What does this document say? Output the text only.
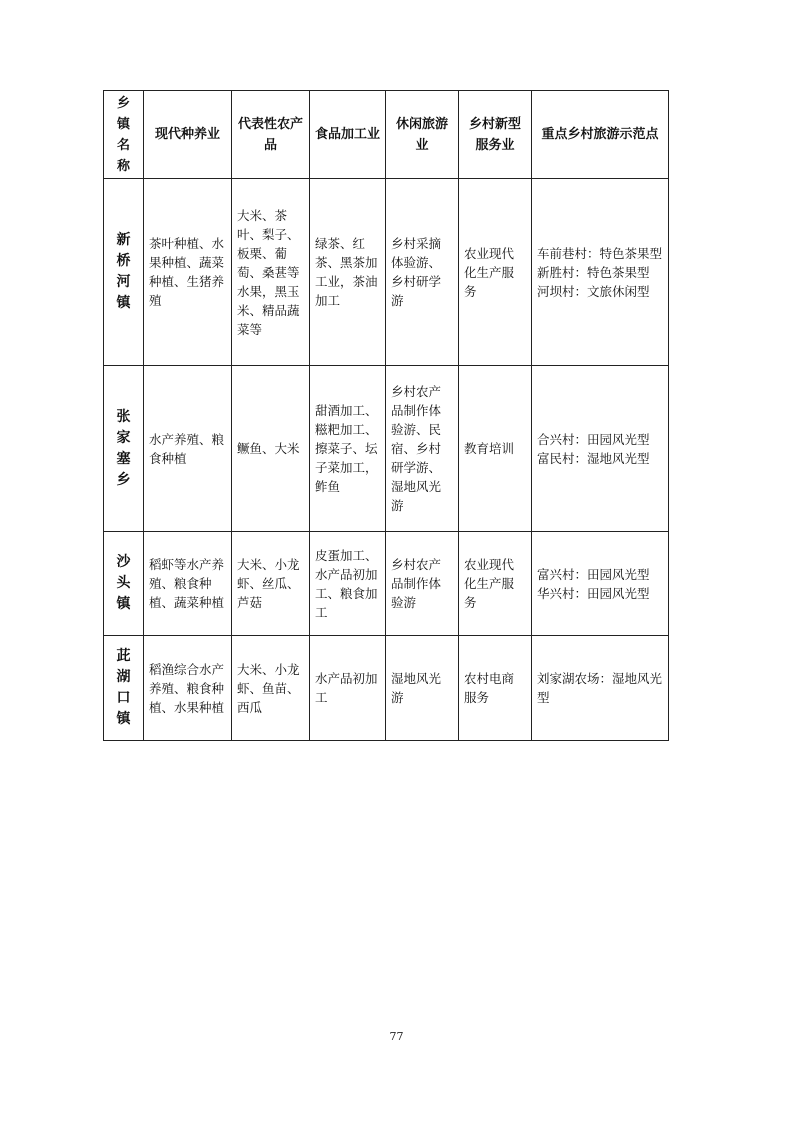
乡镇名称	现代种养业	代表性农产品	食品加工业	休闲旅游业	乡村新型服务业	重点乡村旅游示范点
新桥河镇	茶叶种植、水果种植、蔬菜种植、生猪养殖	大米、茶叶、梨子、板栗、葡萄、桑葚等水果，黑玉米、精品蔬菜等	绿茶、红茶、黑茶加工业，茶油加工	乡村采摘体验游、乡村研学游	农业现代化生产服务	车前巷村：特色茶果型
新胜村：特色茶果型
河坝村：文旅休闲型
张家塞乡	水产养殖、粮食种植	鳜鱼、大米	甜酒加工、糍粑加工、擦菜子、坛子菜加工，鲊鱼	乡村农产品制作体验游、民宿、乡村研学游、湿地风光游	教育培训	合兴村：田园风光型
富民村：湿地风光型
沙头镇	稻虾等水产养殖、粮食种植、蔬菜种植	大米、小龙虾、丝瓜、芦菇	皮蛋加工、水产品初加工、粮食加工	乡村农产品制作体验游	农业现代化生产服务	富兴村：田园风光型
华兴村：田园风光型
茈湖口镇	稻渔综合水产养殖、粮食种植、水果种植	大米、小龙虾、鱼苗、西瓜	水产品初加工	湿地风光游	农村电商服务	刘家湖农场：湿地风光型
77
